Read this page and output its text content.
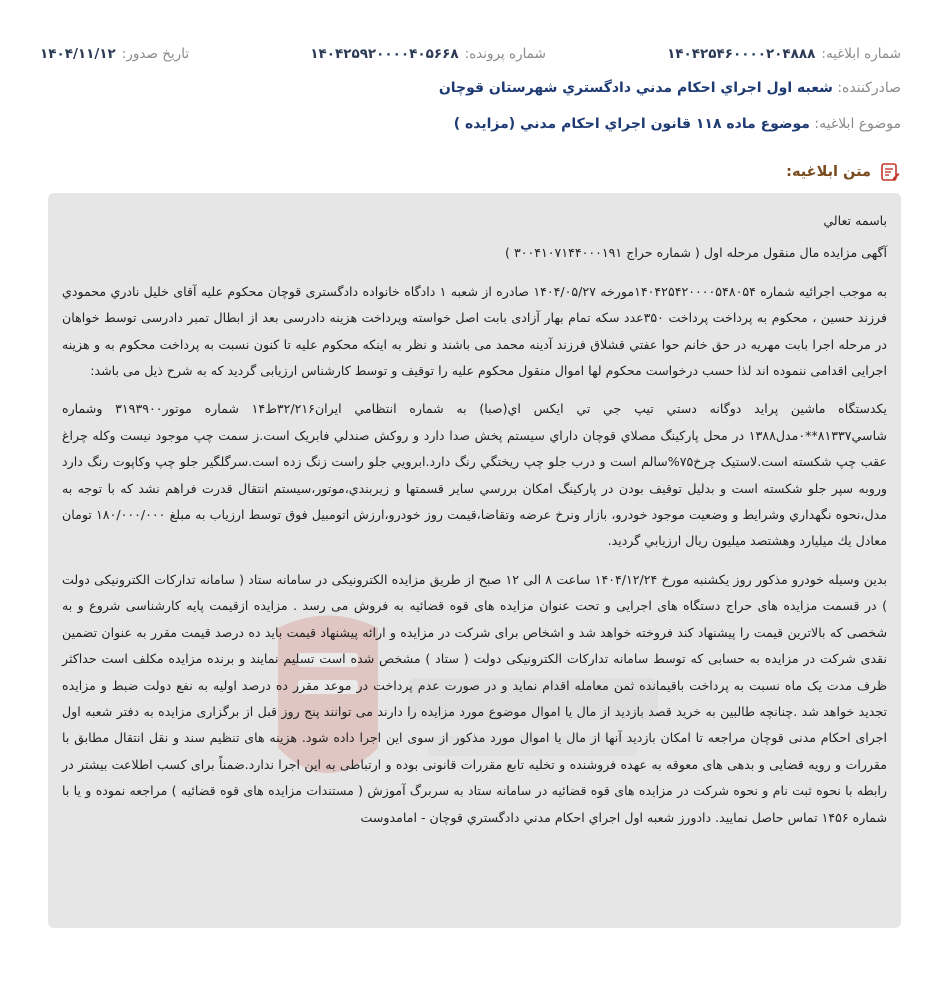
شماره ابلاغیه:
۱۴۰۴۲۵۴۶۰۰۰۰۲۰۴۸۸۸
شماره پرونده:
۱۴۰۴۲۵۹۲۰۰۰۰۴۰۵۶۶۸
تاریخ صدور:
۱۴۰۴/۱۱/۱۲
صادرکننده: شعبه اول اجراي احکام مدني دادگستري شهرستان قوچان
موضوع ابلاغیه: موضوع ماده ۱۱۸ قانون اجراي احکام مدني (مزايده )
متن ابلاغیه:

باسمه تعالي

آگهی مزایده مال منقول مرحله اول ( شماره حراج ۳۰۰۴۱۰۷۱۴۴۰۰۰۱۹۱ )

به موجب اجرائیه شماره ۱۴۰۴۲۵۴۲۰۰۰۰۵۴۸۰۵۴مورخه ۱۴۰۴/۰۵/۲۷ صادره از شعبه ۱ دادگاه خانواده دادگستری قوچان محکوم علیه آقای خلیل نادري محمودي فرزند حسین ، محکوم به پرداخت پرداخت ۳۵۰عدد سکه تمام بهار آزادی بابت اصل خواسته وپرداخت هزینه دادرسی بعد از ابطال تمبر دادرسی توسط خواهان در مرحله اجرا بابت مهریه در حق خانم حوا عفتي قشلاق فرزند آدینه محمد می باشند و نظر به اینکه محکوم علیه تا کنون نسبت به پرداخت محکوم به و هزینه اجرایی اقدامی ننموده اند لذا حسب درخواست محکوم لها اموال منقول محکوم علیه را توقیف و توسط کارشناس ارزیابی گردید که به شرح ذیل می باشد:

یکدستگاه ماشین پراید دوگانه دستي تيپ جي تي ايکس اي(صبا) به شماره انتظامي ايران۳۲/۲۱۶ط۱۴ شماره موتور۳۱۹۳۹۰۰ وشماره شاسي۸۱۳۳۷**۰مدل۱۳۸۸ در محل پارکينگ مصلاي قوچان داراي سيستم پخش صدا دارد و روکش صندلي فابريک است.ز سمت چپ موجود نيست وکله چراغ عقب چپ شکسته است.لاستيک چرخ۷۵%سالم است و درب جلو چپ ريختگي رنگ دارد.ابرويي جلو راست زنگ زده است.سرگلگير جلو چپ وکاپوت رنگ دارد وروبه سپر جلو شکسته است و بدليل توقيف بودن در پارکينگ امکان بررسي ساير قسمتها و زيربندي،موتور،سيستم انتقال قدرت فراهم نشد که با توجه به مدل،نحوه نگهداري وشرايط و وضعيت موجود خودرو، بازار ونرخ عرضه وتقاضا،قيمت روز خودرو،ارزش اتومبيل فوق توسط ارزياب به مبلغ ۱۸۰/۰۰۰/۰۰۰ تومان معادل يك ميليارد وهشتصد ميليون ريال ارزيابي گرديد.

بدین وسیله خودرو مذکور روز یکشنبه مورخ ۱۴۰۴/۱۲/۲۴ ساعت ۸ الی ۱۲ صبح از طریق مزایده الکترونیکی در سامانه ستاد ( سامانه تدارکات الکترونیکی دولت ) در قسمت مزایده های حراج دستگاه های اجرایی و تحت عنوان مزایده های قوه قضائیه به فروش می رسد . مزایده ازقیمت پایه کارشناسی شروع و به شخصی که بالاترین قیمت را پیشنهاد کند فروخته خواهد شد و اشخاص برای شرکت در مزایده و ارائه پیشنهاد قیمت باید ده درصد قیمت مقرر به عنوان تضمین نقدی شرکت در مزایده به حسابی که توسط سامانه تدارکات الکترونیکی دولت ( ستاد ) مشخص شده است تسلیم نمایند و برنده مزایده مکلف است حداکثر ظرف مدت یک ماه نسبت به پرداخت باقیمانده ثمن معامله اقدام نماید و در صورت عدم پرداخت در موعد مقرر ده درصد اولیه به نفع دولت ضبط و مزایده تجدید خواهد شد .چنانچه طالبین به خرید قصد بازدید از مال یا اموال موضوع مورد مزایده را دارند می توانند پنج روز قبل از برگزاری مزایده به دفتر شعبه اول اجرای احکام مدنی قوچان مراجعه تا امکان بازدید آنها از مال یا اموال مورد مذکور از سوی این اجرا داده شود. هزینه های تنظیم سند و نقل انتقال مطابق با مقررات و رویه قضایی و بدهی های معوقه به عهده فروشنده و تخلیه تابع مقررات قانونی بوده و ارتباطی به این اجرا ندارد.ضمناً برای کسب اطلاعت بیشتر در رابطه با نحوه ثبت نام و نحوه شرکت در مزایده های قوه قضائیه در سامانه ستاد به سربرگ آموزش ( مستندات مزایده های قوه قضائیه ) مراجعه نموده و یا با شماره ۱۴۵۶ تماس حاصل نمایید. دادورز شعبه اول اجراي احکام مدني دادگستري قوچان - امامدوست
